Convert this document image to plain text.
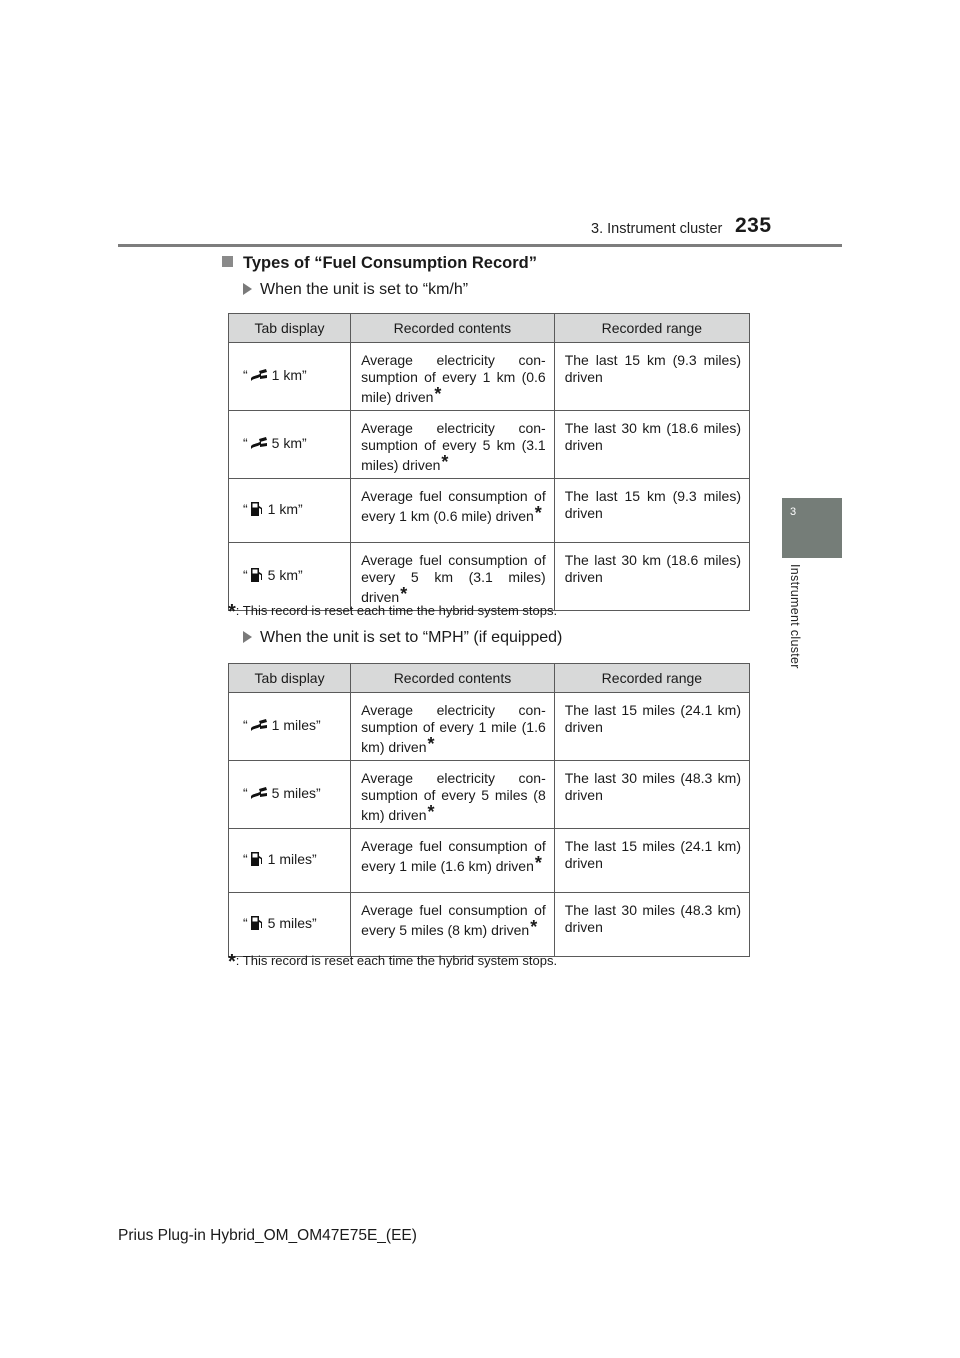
3. Instrument cluster 235
3
Instrument cluster
Types of “Fuel Consumption Record”
When the unit is set to “km/h”
Tab display	Recorded contents	Recorded range
“ 1 km”	Average electricity con-sumption of every 1 km (0.6 mile) driven*	The last 15 km (9.3 miles) driven
“ 5 km”	Average electricity con-sumption of every 5 km (3.1 miles) driven*	The last 30 km (18.6 miles) driven
“ 1 km”	Average fuel consumption of every 1 km (0.6 mile) driven*	The last 15 km (9.3 miles) driven
“ 5 km”	Average fuel consumption of every 5 km (3.1 miles) driven*	The last 30 km (18.6 miles) driven
*: This record is reset each time the hybrid system stops.
When the unit is set to “MPH” (if equipped)
Tab display	Recorded contents	Recorded range
“ 1 miles”	Average electricity con-sumption of every 1 mile (1.6 km) driven*	The last 15 miles (24.1 km) driven
“ 5 miles”	Average electricity con-sumption of every 5 miles (8 km) driven*	The last 30 miles (48.3 km) driven
“ 1 miles”	Average fuel consumption of every 1 mile (1.6 km) driven*	The last 15 miles (24.1 km) driven
“ 5 miles”	Average fuel consumption of every 5 miles (8 km) driven*	The last 30 miles (48.3 km) driven
*: This record is reset each time the hybrid system stops.
Prius Plug-in Hybrid_OM_OM47E75E_(EE)
